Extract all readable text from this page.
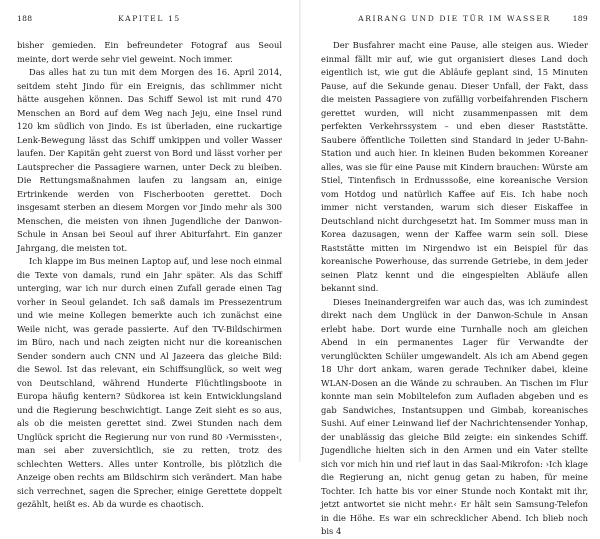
188	KAPITEL 15

bisher gemieden. Ein befreundeter Fotograf aus Seoul meinte, dort werde sehr viel geweint. Noch immer.

Das alles hat zu tun mit dem Morgen des 16. April 2014, seitdem steht Jindo für ein Ereignis, das schlimmer nicht hätte ausgehen können. Das Schiff Sewol ist mit rund 470 Menschen an Bord auf dem Weg nach Jeju, eine Insel rund 120 km südlich von Jindo. Es ist überladen, eine ruckartige Lenk-Bewegung lässt das Schiff umkippen und voller Wasser laufen. Der Kapitän geht zuerst von Bord und lässt vorher per Lautsprecher die Passagiere warnen, unter Deck zu bleiben. Die Rettungsmaßnahmen laufen zu langsam an, einige Ertrinkende werden von Fischerbooten gerettet. Doch insgesamt sterben an diesem Morgen vor Jindo mehr als 300 Menschen, die meisten von ihnen Jugendliche der Danwon-Schule in Ansan bei Seoul auf ihrer Abiturfahrt. Ein ganzer Jahrgang, die meisten tot.

Ich klappe im Bus meinen Laptop auf, und lese noch einmal die Texte von damals, rund ein Jahr später. Als das Schiff unterging, war ich nur durch einen Zufall gerade einen Tag vorher in Seoul gelandet. Ich saß damals im Pressezentrum und wie meine Kollegen bemerkte auch ich zunächst eine Weile nicht, was gerade passierte. Auf den TV-Bildschirmen im Büro, nach und nach zeigten nicht nur die koreanischen Sender sondern auch CNN und Al Jazeera das gleiche Bild: die Sewol. Ist das relevant, ein Schiffsunglück, so weit weg von Deutschland, während Hunderte Flüchtlingsboote in Europa häufig kentern? Südkorea ist kein Entwicklungsland und die Regierung beschwichtigt. Lange Zeit sieht es so aus, als ob die meisten gerettet sind. Zwei Stunden nach dem Unglück spricht die Regierung nur von rund 80 ›Vermissten‹, man sei aber zuversichtlich, sie zu retten, trotz des schlechten Wetters. Alles unter Kontrolle, bis plötzlich die Anzeige oben rechts am Bildschirm sich verändert. Man habe sich verrechnet, sagen die Sprecher, einige Gerettete doppelt gezählt, heißt es. Ab da wurde es chaotisch.

ARIRANG UND DIE TÜR IM WASSER	189

Der Busfahrer macht eine Pause, alle steigen aus. Wieder einmal fällt mir auf, wie gut organisiert dieses Land doch eigentlich ist, wie gut die Abläufe geplant sind, 15 Minuten Pause, auf die Sekunde genau. Dieser Unfall, der Fakt, dass die meisten Passagiere von zufällig vorbeifahrenden Fischern gerettet wurden, will nicht zusammenpassen mit dem perfekten Verkehrssystem – und eben dieser Raststätte. Saubere öffentliche Toiletten sind Standard in jeder U-Bahn-Station und auch hier. In kleinen Buden bekommen Koreaner alles, was sie für eine Pause mit Kindern brauchen: Würste am Stiel, Tintenfisch in Erdnusssoße, eine koreanische Version vom Hotdog und natürlich Kaffee auf Eis. Ich habe noch immer nicht verstanden, warum sich dieser Eiskaffee in Deutschland nicht durchgesetzt hat. Im Sommer muss man in Korea dazusagen, wenn der Kaffee warm sein soll. Diese Raststätte mitten im Nirgendwo ist ein Beispiel für das koreanische Powerhouse, das surrende Getriebe, in dem jeder seinen Platz kennt und die eingespielten Abläufe allen bekannt sind.

Dieses Ineinandergreifen war auch das, was ich zumindest direkt nach dem Unglück in der Danwon-Schule in Ansan erlebt habe. Dort wurde eine Turnhalle noch am gleichen Abend in ein permanentes Lager für Verwandte der verunglückten Schüler umgewandelt. Als ich am Abend gegen 18 Uhr dort ankam, waren gerade Techniker dabei, kleine WLAN-Dosen an die Wände zu schrauben. An Tischen im Flur konnte man sein Mobiltelefon zum Aufladen abgeben und es gab Sandwiches, Instantsuppen und Gimbab, koreanisches Sushi. Auf einer Leinwand lief der Nachrichtensender Yonhap, der unablässig das gleiche Bild zeigte: ein sinkendes Schiff. Jugendliche hielten sich in den Armen und ein Vater stellte sich vor mich hin und rief laut in das Saal-Mikrofon: ›Ich klage die Regierung an, nicht genug getan zu haben, für meine Tochter. Ich hatte bis vor einer Stunde noch Kontakt mit ihr, jetzt antwortet sie nicht mehr.‹ Er hält sein Samsung-Telefon in die Höhe. Es war ein schrecklicher Abend. Ich blieb noch bis 4
